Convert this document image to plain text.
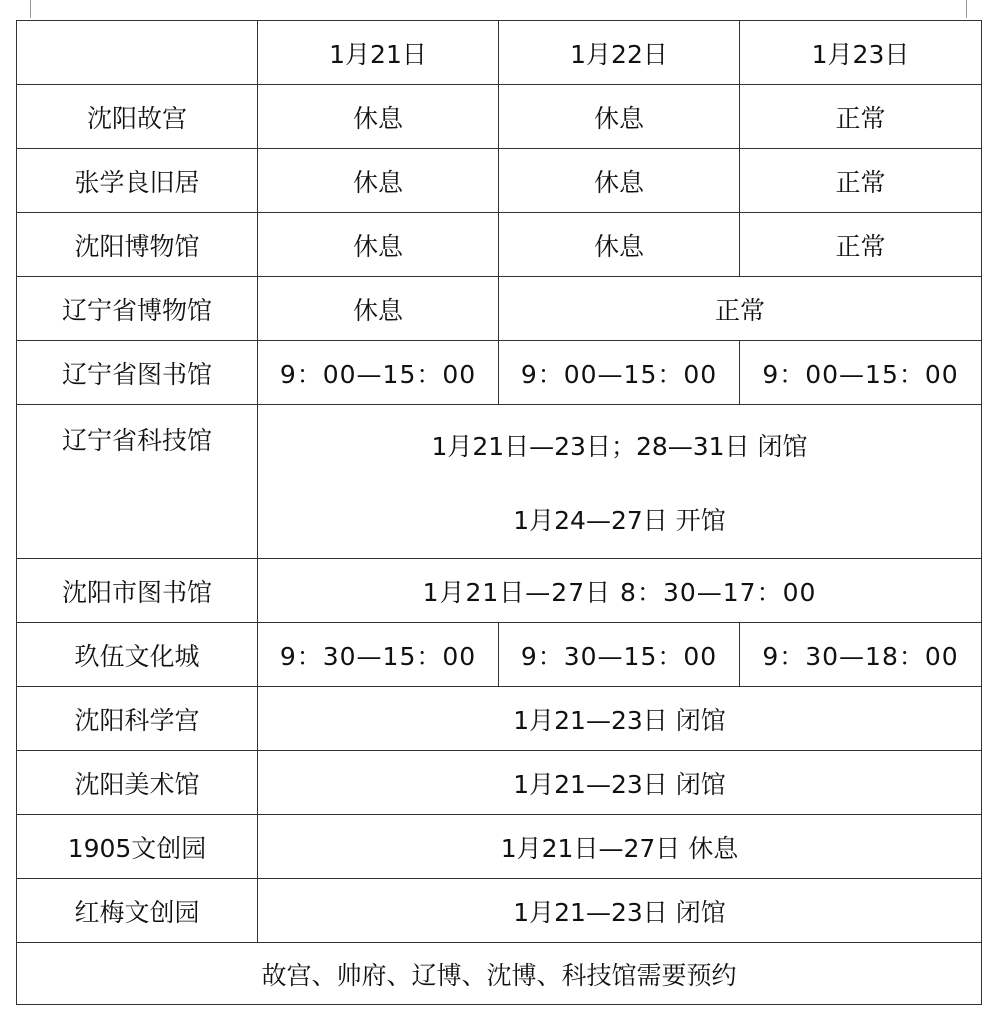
	1月21日	1月22日	1月23日
沈阳故宫	休息	休息	正常
张学良旧居	休息	休息	正常
沈阳博物馆	休息	休息	正常
辽宁省博物馆	休息	正常	
辽宁省图书馆	9：00—15：00	9：00—15：00	9：00—15：00
辽宁省科技馆	1月21日—23日；28—31日 闭馆
1月24—27日 开馆		

沈阳市图书馆	1月21日—27日 8：30—17：00		
玖伍文化城	9：30—15：00	9：30—15：00	9：30—18：00
沈阳科学宫	1月21—23日 闭馆		
沈阳美术馆	1月21—23日 闭馆		
1905文创园	1月21日—27日 休息		
红梅文创园	1月21—23日 闭馆		
故宫、帅府、辽博、沈博、科技馆需要预约			
